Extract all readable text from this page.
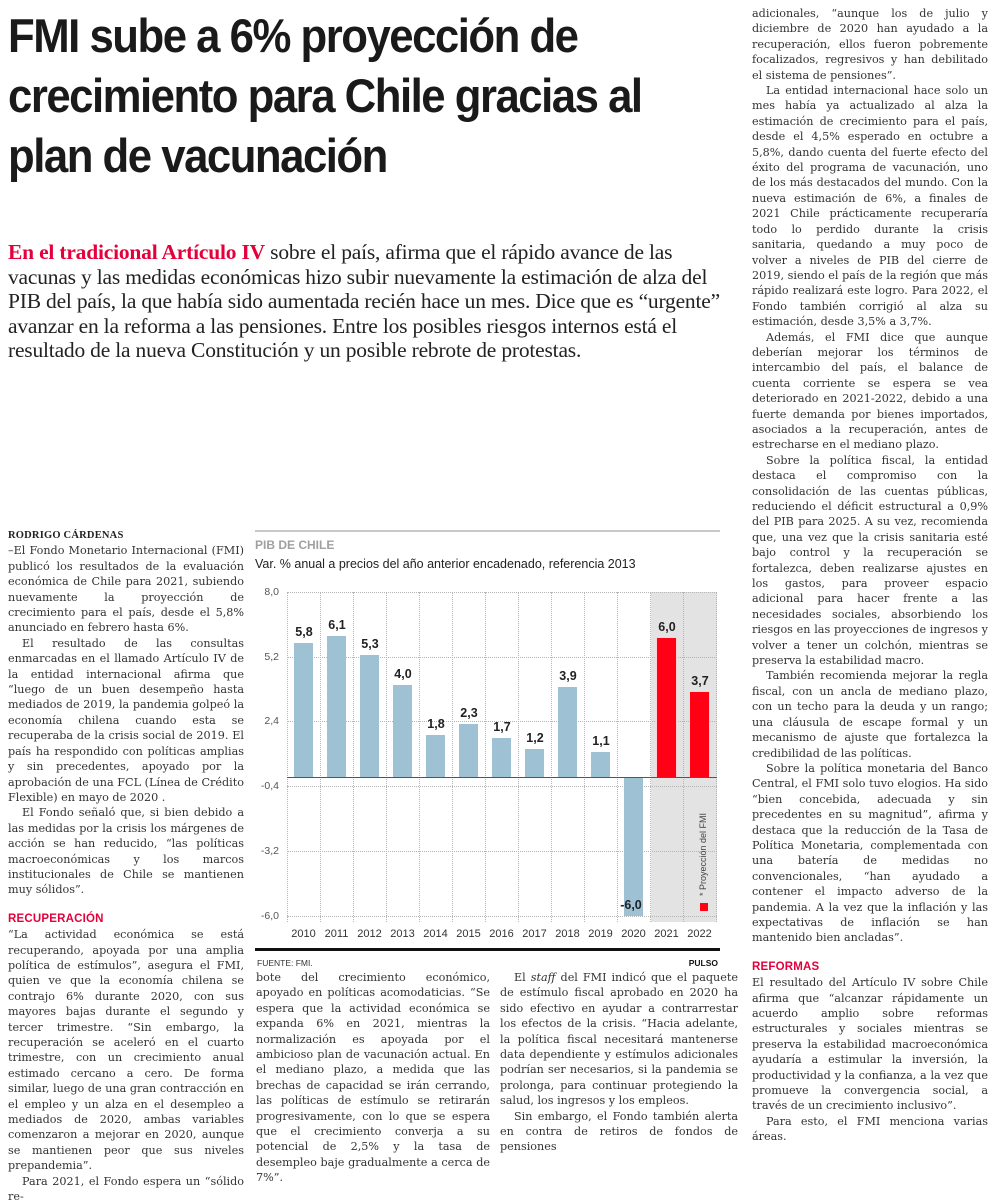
FMI sube a 6% proyección de crecimiento para Chile gracias al plan de vacunación
En el tradicional Artículo IV sobre el país, afirma que el rápido avance de las vacunas y las medidas económicas hizo subir nuevamente la estimación de alza del PIB del país, la que había sido aumentada recién hace un mes. Dice que es “urgente” avanzar en la reforma a las pensiones. Entre los posibles riesgos internos está el resultado de la nueva Constitución y un posible rebrote de protestas.
RODRIGO CÁRDENAS

–El Fondo Monetario Internacional (FMI) publicó los resultados de la evaluación económica de Chile para 2021, subiendo nuevamente la proyección de crecimiento para el país, desde el 5,8% anunciado en febrero hasta 6%.

El resultado de las consultas enmarcadas en el llamado Artículo IV de la entidad internacional afirma que “luego de un buen desempeño hasta mediados de 2019, la pandemia golpeó la economía chilena cuando esta se recuperaba de la crisis social de 2019. El país ha respondido con políticas amplias y sin precedentes, apoyado por la aprobación de una FCL (Línea de Crédito Flexible) en mayo de 2020 .

El Fondo señaló que, si bien debido a las medidas por la crisis los márgenes de acción se han reducido, “las políticas macroeconómicas y los marcos institucionales de Chile se mantienen muy sólidos”.

RECUPERACIÓN

“La actividad económica se está recuperando, apoyada por una amplia política de estímulos”, asegura el FMI, quien ve que la economía chilena se contrajo 6% durante 2020, con sus mayores bajas durante el segundo y tercer trimestre. “Sin embargo, la recuperación se aceleró en el cuarto trimestre, con un crecimiento anual estimado cercano a cero. De forma similar, luego de una gran contracción en el empleo y un alza en el desempleo a mediados de 2020, ambas variables comenzaron a mejorar en 2020, aunque se mantienen peor que sus niveles prepandemia”.

Para 2021, el Fondo espera un “sólido re-

PIB DE CHILE
Var. % anual a precios del año anterior encadenado, referencia 2013
8,0
5,2
2,4
-0,4
-3,2
-6,0
5,8	6,1
5,3
4,0
1,8
2,3
1,7
1,2
3,9
1,1
-6,0
6,0
3,7
* Proyección del FMI
2010 2011 2012 2013 2014 2015 2016 2017 2018 2019 2020 2021 2022
FUENTE: FMI.	PULSO

bote del crecimiento económico, apoyado en políticas acomodaticias. “Se espera que la actividad económica se expanda 6% en 2021, mientras la normalización es apoyada por el ambicioso plan de vacunación actual. En el mediano plazo, a medida que las brechas de capacidad se irán cerrando, las políticas de estímulo se retirarán progresivamente, con lo que se espera que el crecimiento converja a su potencial de 2,5% y la tasa de desempleo baje gradualmente a cerca de 7%”.

El staff del FMI indicó que el paquete de estímulo fiscal aprobado en 2020 ha sido efectivo en ayudar a contrarrestar los efectos de la crisis. “Hacia adelante, la política fiscal necesitará mantenerse data dependiente y estímulos adicionales podrían ser necesarios, si la pandemia se prolonga, para continuar protegiendo la salud, los ingresos y los empleos.

Sin embargo, el Fondo también alerta en contra de retiros de fondos de pensiones

adicionales, “aunque los de julio y diciembre de 2020 han ayudado a la recuperación, ellos fueron pobremente focalizados, regresivos y han debilitado el sistema de pensiones”.

La entidad internacional hace solo un mes había ya actualizado al alza la estimación de crecimiento para el país, desde el 4,5% esperado en octubre a 5,8%, dando cuenta del fuerte efecto del éxito del programa de vacunación, uno de los más destacados del mundo. Con la nueva estimación de 6%, a finales de 2021 Chile prácticamente recuperaría todo lo perdido durante la crisis sanitaria, quedando a muy poco de volver a niveles de PIB del cierre de 2019, siendo el país de la región que más rápido realizará este logro. Para 2022, el Fondo también corrigió al alza su estimación, desde 3,5% a 3,7%.

Además, el FMI dice que aunque deberían mejorar los términos de intercambio del país, el balance de cuenta corriente se espera se vea deteriorado en 2021-2022, debido a una fuerte demanda por bienes importados, asociados a la recuperación, antes de estrecharse en el mediano plazo.

Sobre la política fiscal, la entidad destaca el compromiso con la consolidación de las cuentas públicas, reduciendo el déficit estructural a 0,9% del PIB para 2025. A su vez, recomienda que, una vez que la crisis sanitaria esté bajo control y la recuperación se fortalezca, deben realizarse ajustes en los gastos, para proveer espacio adicional para hacer frente a las necesidades sociales, absorbiendo los riesgos en las proyecciones de ingresos y volver a tener un colchón, mientras se preserva la estabilidad macro.

También recomienda mejorar la regla fiscal, con un ancla de mediano plazo, con un techo para la deuda y un rango; una cláusula de escape formal y un mecanismo de ajuste que fortalezca la credibilidad de las políticas.

Sobre la política monetaria del Banco Central, el FMI solo tuvo elogios. Ha sido “bien concebida, adecuada y sin precedentes en su magnitud”, afirma y destaca que la reducción de la Tasa de Política Monetaria, complementada con una batería de medidas no convencionales, “han ayudado a contener el impacto adverso de la pandemia. A la vez que la inflación y las expectativas de inflación se han mantenido bien ancladas”.

REFORMAS

El resultado del Artículo IV sobre Chile afirma que “alcanzar rápidamente un acuerdo amplio sobre reformas estructurales y sociales mientras se preserva la estabilidad macroeconómica ayudaría a estimular la inversión, la productividad y la confianza, a la vez que promueve la convergencia social, a través de un crecimiento inclusivo”.

Para esto, el FMI menciona varias áreas.
